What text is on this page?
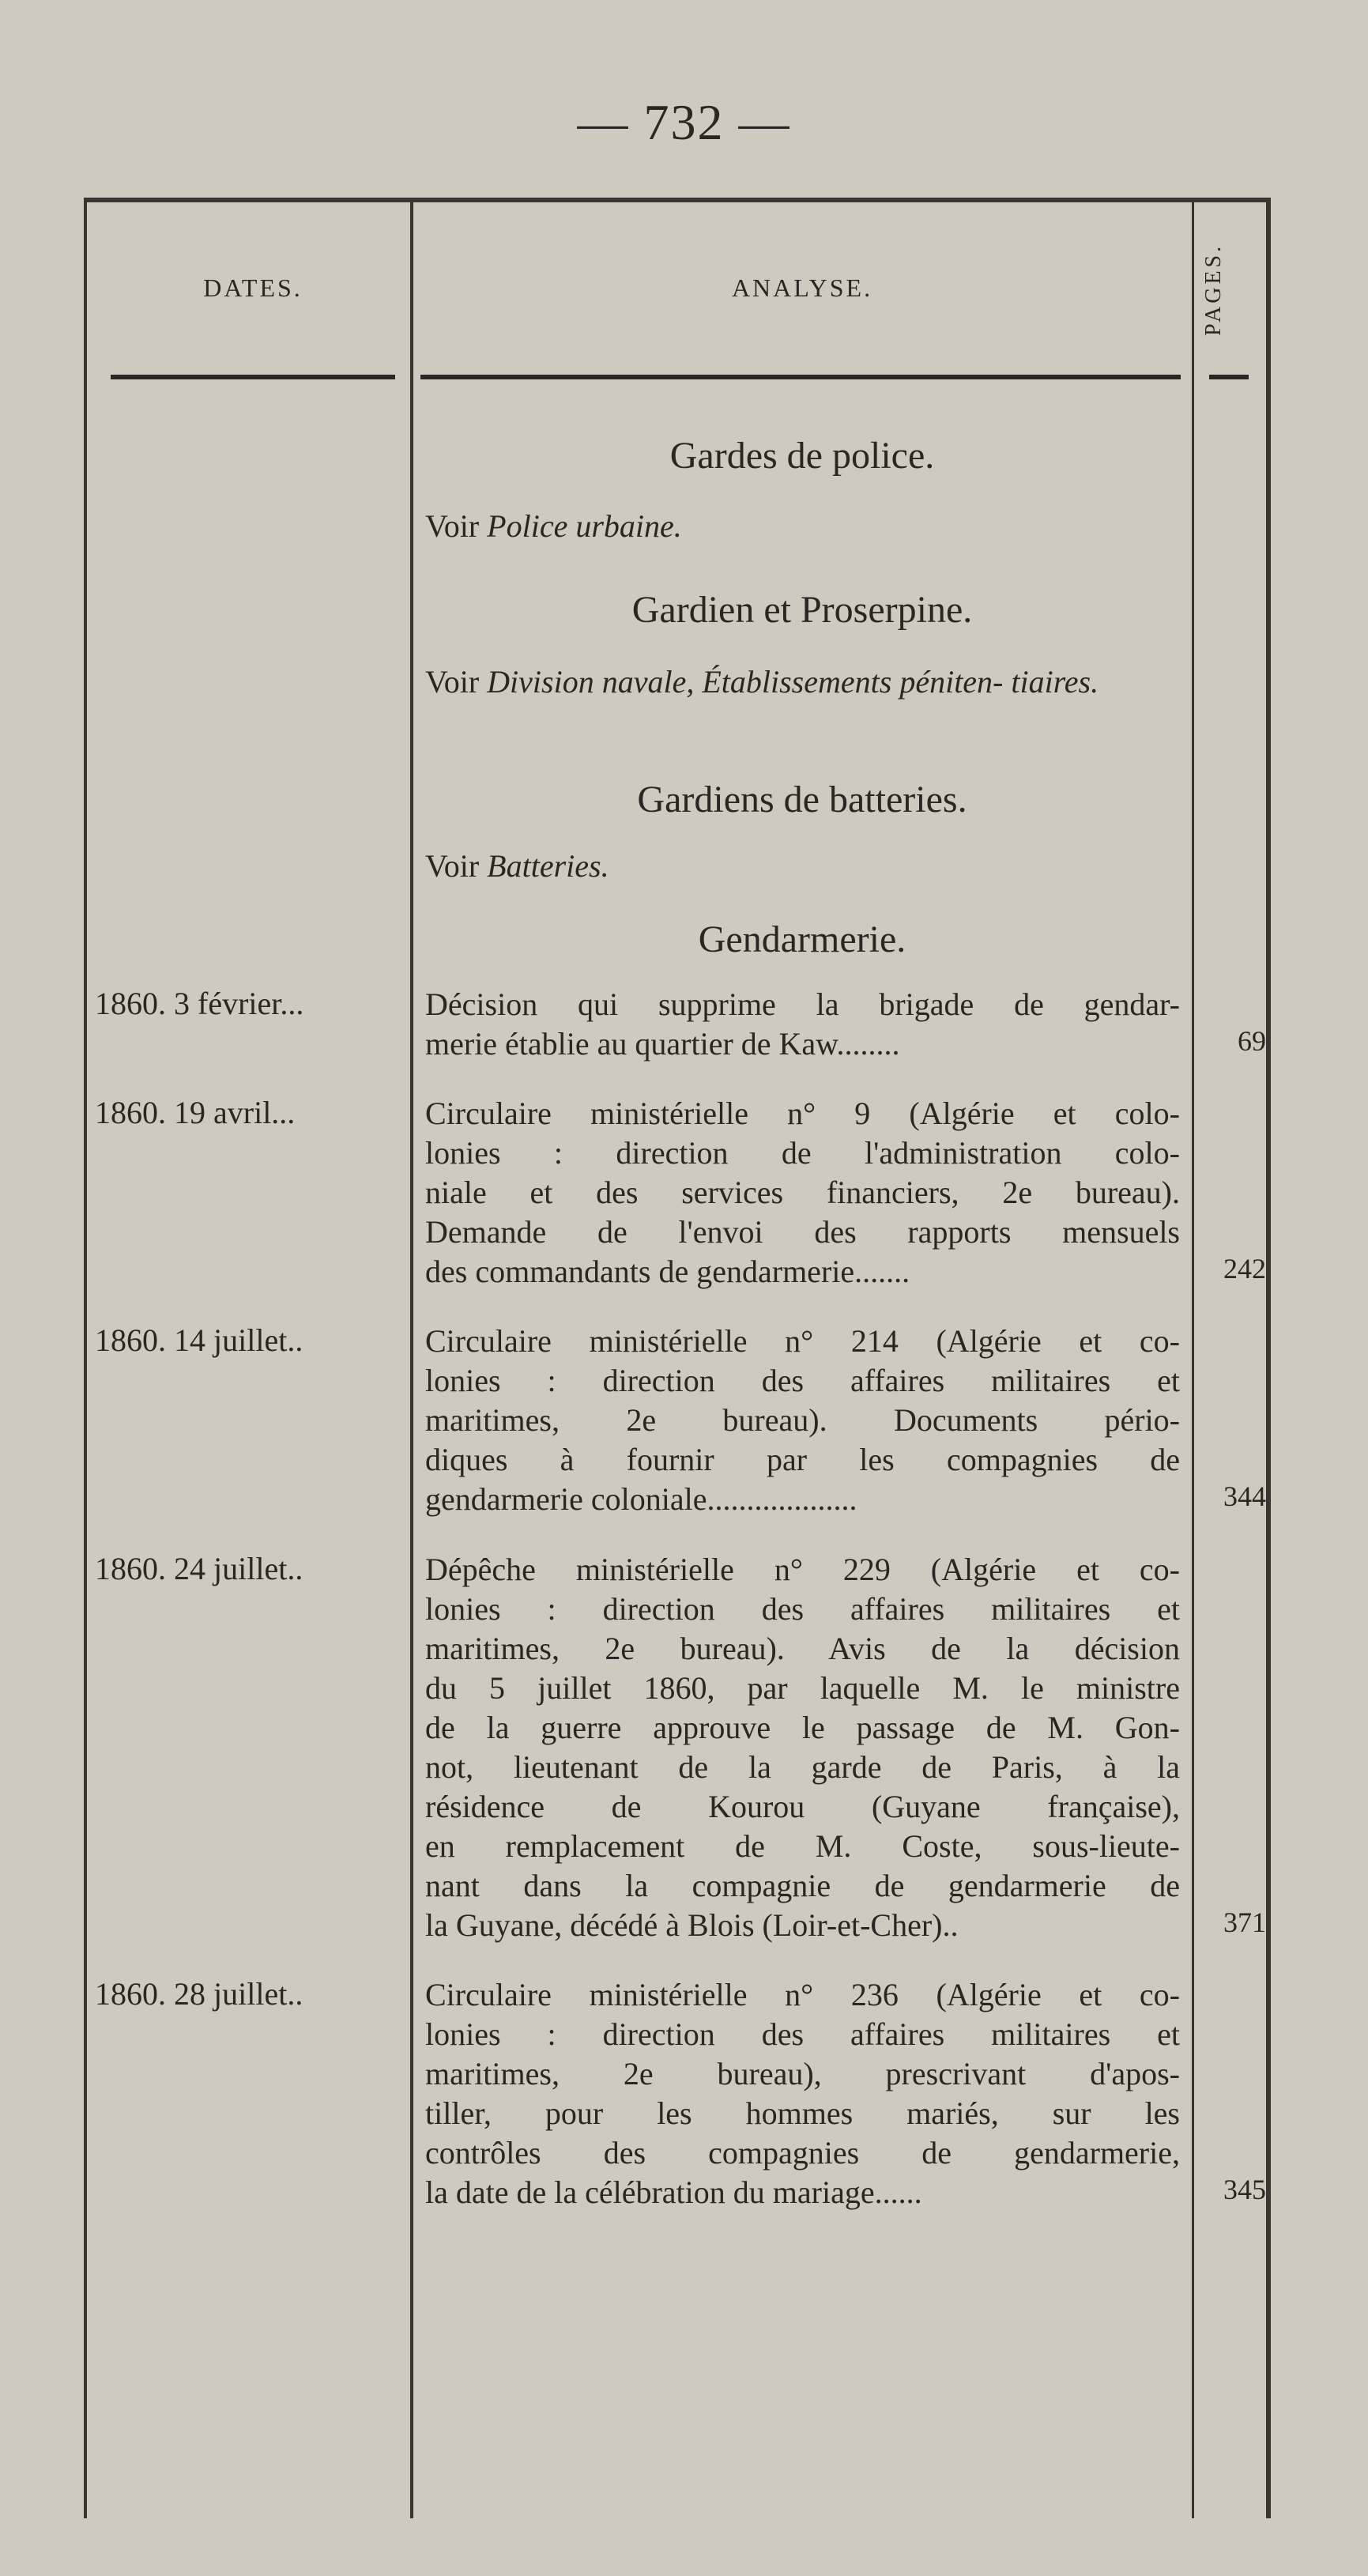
— 732 —
DATES.	ANALYSE.	PAGES.
Gardes de police.
Voir Police urbaine.
Gardien et Proserpine.
Voir Division navale, Établissements péniten- tiaires.
Gardiens de batteries.
Voir Batteries.
Gendarmerie.
1860. 3 février...	Décision qui supprime la brigade de gendar-
merie établie au quartier de Kaw........	69
1860. 19 avril...	Circulaire ministérielle n° 9 (Algérie et colo-
lonies : direction de l'administration colo-
niale et des services financiers, 2e bureau).
Demande de l'envoi des rapports mensuels
des commandants de gendarmerie.......	242
1860. 14 juillet..	Circulaire ministérielle n° 214 (Algérie et co-
lonies : direction des affaires militaires et
maritimes, 2e bureau). Documents pério-
diques à fournir par les compagnies de
gendarmerie coloniale...................	344
1860. 24 juillet..	Dépêche ministérielle n° 229 (Algérie et co-
lonies : direction des affaires militaires et
maritimes, 2e bureau). Avis de la décision
du 5 juillet 1860, par laquelle M. le ministre
de la guerre approuve le passage de M. Gon-
not, lieutenant de la garde de Paris, à la
résidence de Kourou (Guyane française),
en remplacement de M. Coste, sous-lieute-
nant dans la compagnie de gendarmerie de
la Guyane, décédé à Blois (Loir-et-Cher)..	371
1860. 28 juillet..	Circulaire ministérielle n° 236 (Algérie et co-
lonies : direction des affaires militaires et
maritimes, 2e bureau), prescrivant d'apos-
tiller, pour les hommes mariés, sur les
contrôles des compagnies de gendarmerie,
la date de la célébration du mariage......	345
